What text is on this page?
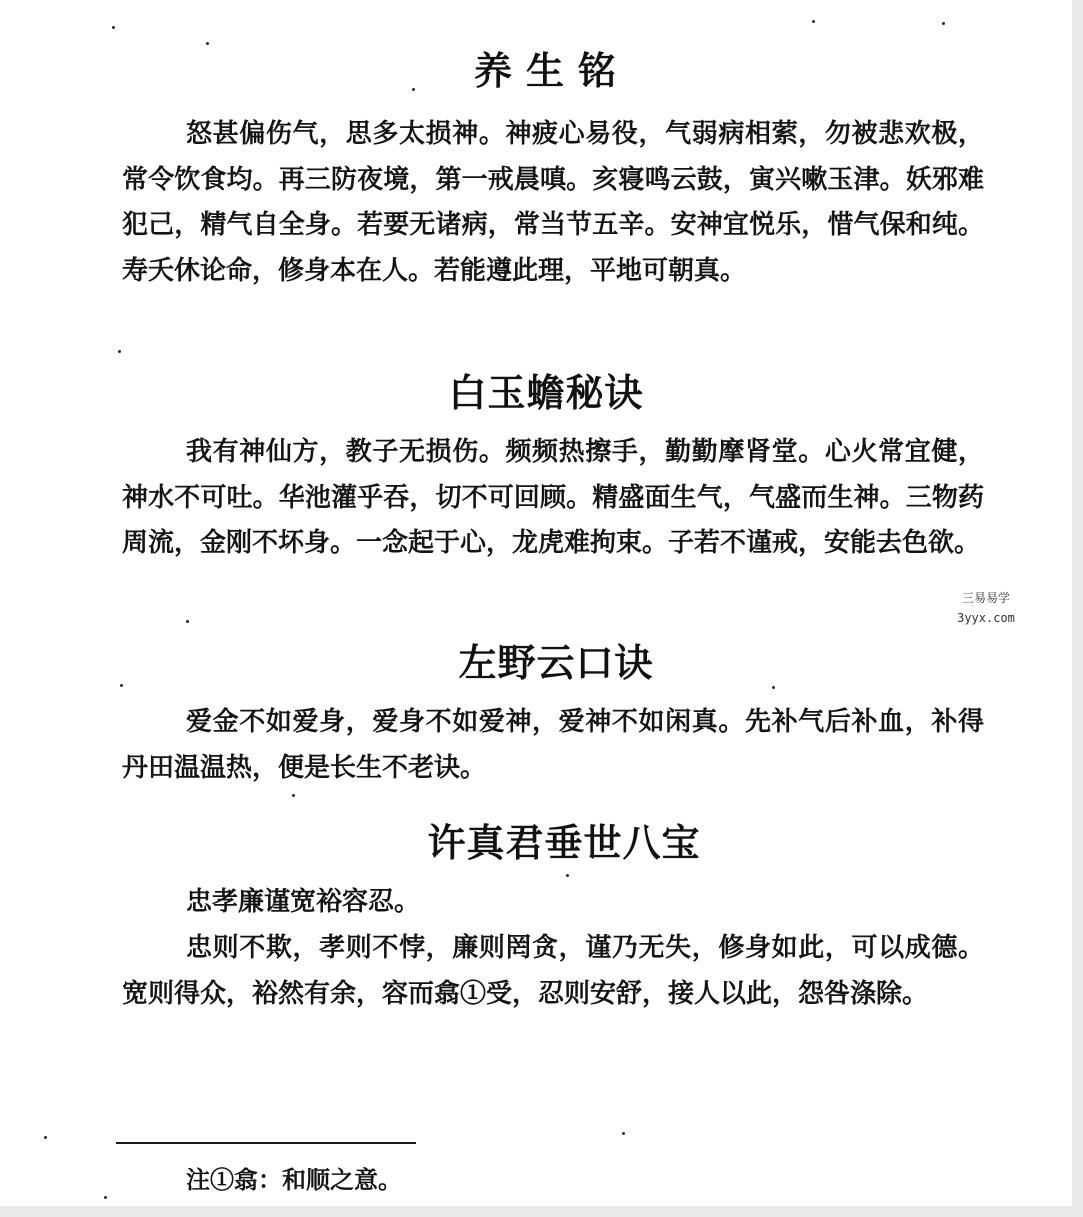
养生铭

怒甚偏伤气，思多太损神。神疲心易役，气弱病相萦，勿被悲欢极，常令饮食均。再三防夜境，第一戒晨嗔。亥寝鸣云鼓，寅兴嗽玉津。妖邪难犯己，精气自全身。若要无诸病，常当节五辛。安神宜悦乐，惜气保和纯。寿夭休论命，修身本在人。若能遵此理，平地可朝真。

白玉蟾秘诀

我有神仙方，教子无损伤。频频热擦手，勤勤摩肾堂。心火常宜健，神水不可吐。华池灌乎吞，切不可回顾。精盛面生气，气盛而生神。三物药周流，金刚不坏身。一念起于心，龙虎难拘束。子若不谨戒，安能去色欲。

左野云口诀

爱金不如爱身，爱身不如爱神，爱神不如闲真。先补气后补血，补得丹田温温热，便是长生不老诀。

许真君垂世八宝

忠孝廉谨宽裕容忍。

忠则不欺，孝则不悖，廉则罔贪，谨乃无失，修身如此，可以成德。宽则得众，裕然有余，容而翕①受，忍则安舒，接人以此，怨咎涤除。

注①翕：和顺之意。

三易易学
3yyx.com
